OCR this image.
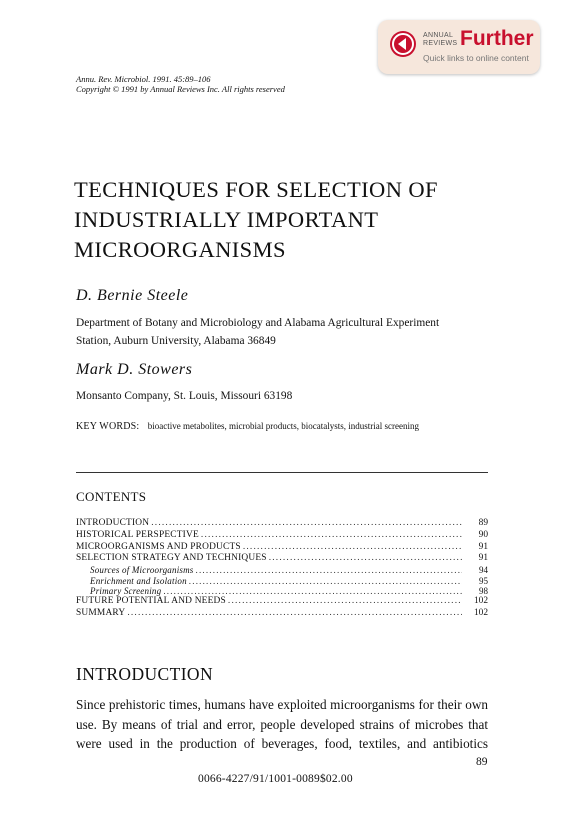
ANNUAL
REVIEWS Further
Quick links to online content
Annu. Rev. Microbiol. 1991. 45:89–106
Copyright © 1991 by Annual Reviews Inc. All rights reserved
TECHNIQUES FOR SELECTION OF
INDUSTRIALLY IMPORTANT
MICROORGANISMS
D. Bernie Steele
Department of Botany and Microbiology and Alabama Agricultural Experiment
Station, Auburn University, Alabama 36849
Mark D. Stowers
Monsanto Company, St. Louis, Missouri 63198
KEY WORDS: bioactive metabolites, microbial products, biocatalysts, industrial screening
CONTENTS
INTRODUCTION .....	89
HISTORICAL PERSPECTIVE .....	90
MICROORGANISMS AND PRODUCTS .....	91
SELECTION STRATEGY AND TECHNIQUES .....	91
Sources of Microorganisms .....	94
Enrichment and Isolation .....	95
Primary Screening .....	98
FUTURE POTENTIAL AND NEEDS .....	102
SUMMARY .....	102
INTRODUCTION
Since prehistoric times, humans have exploited microorganisms for their own
use. By means of trial and error, people developed strains of microbes that
were used in the production of beverages, food, textiles, and antibiotics
89
0066-4227/91/1001-0089$02.00
